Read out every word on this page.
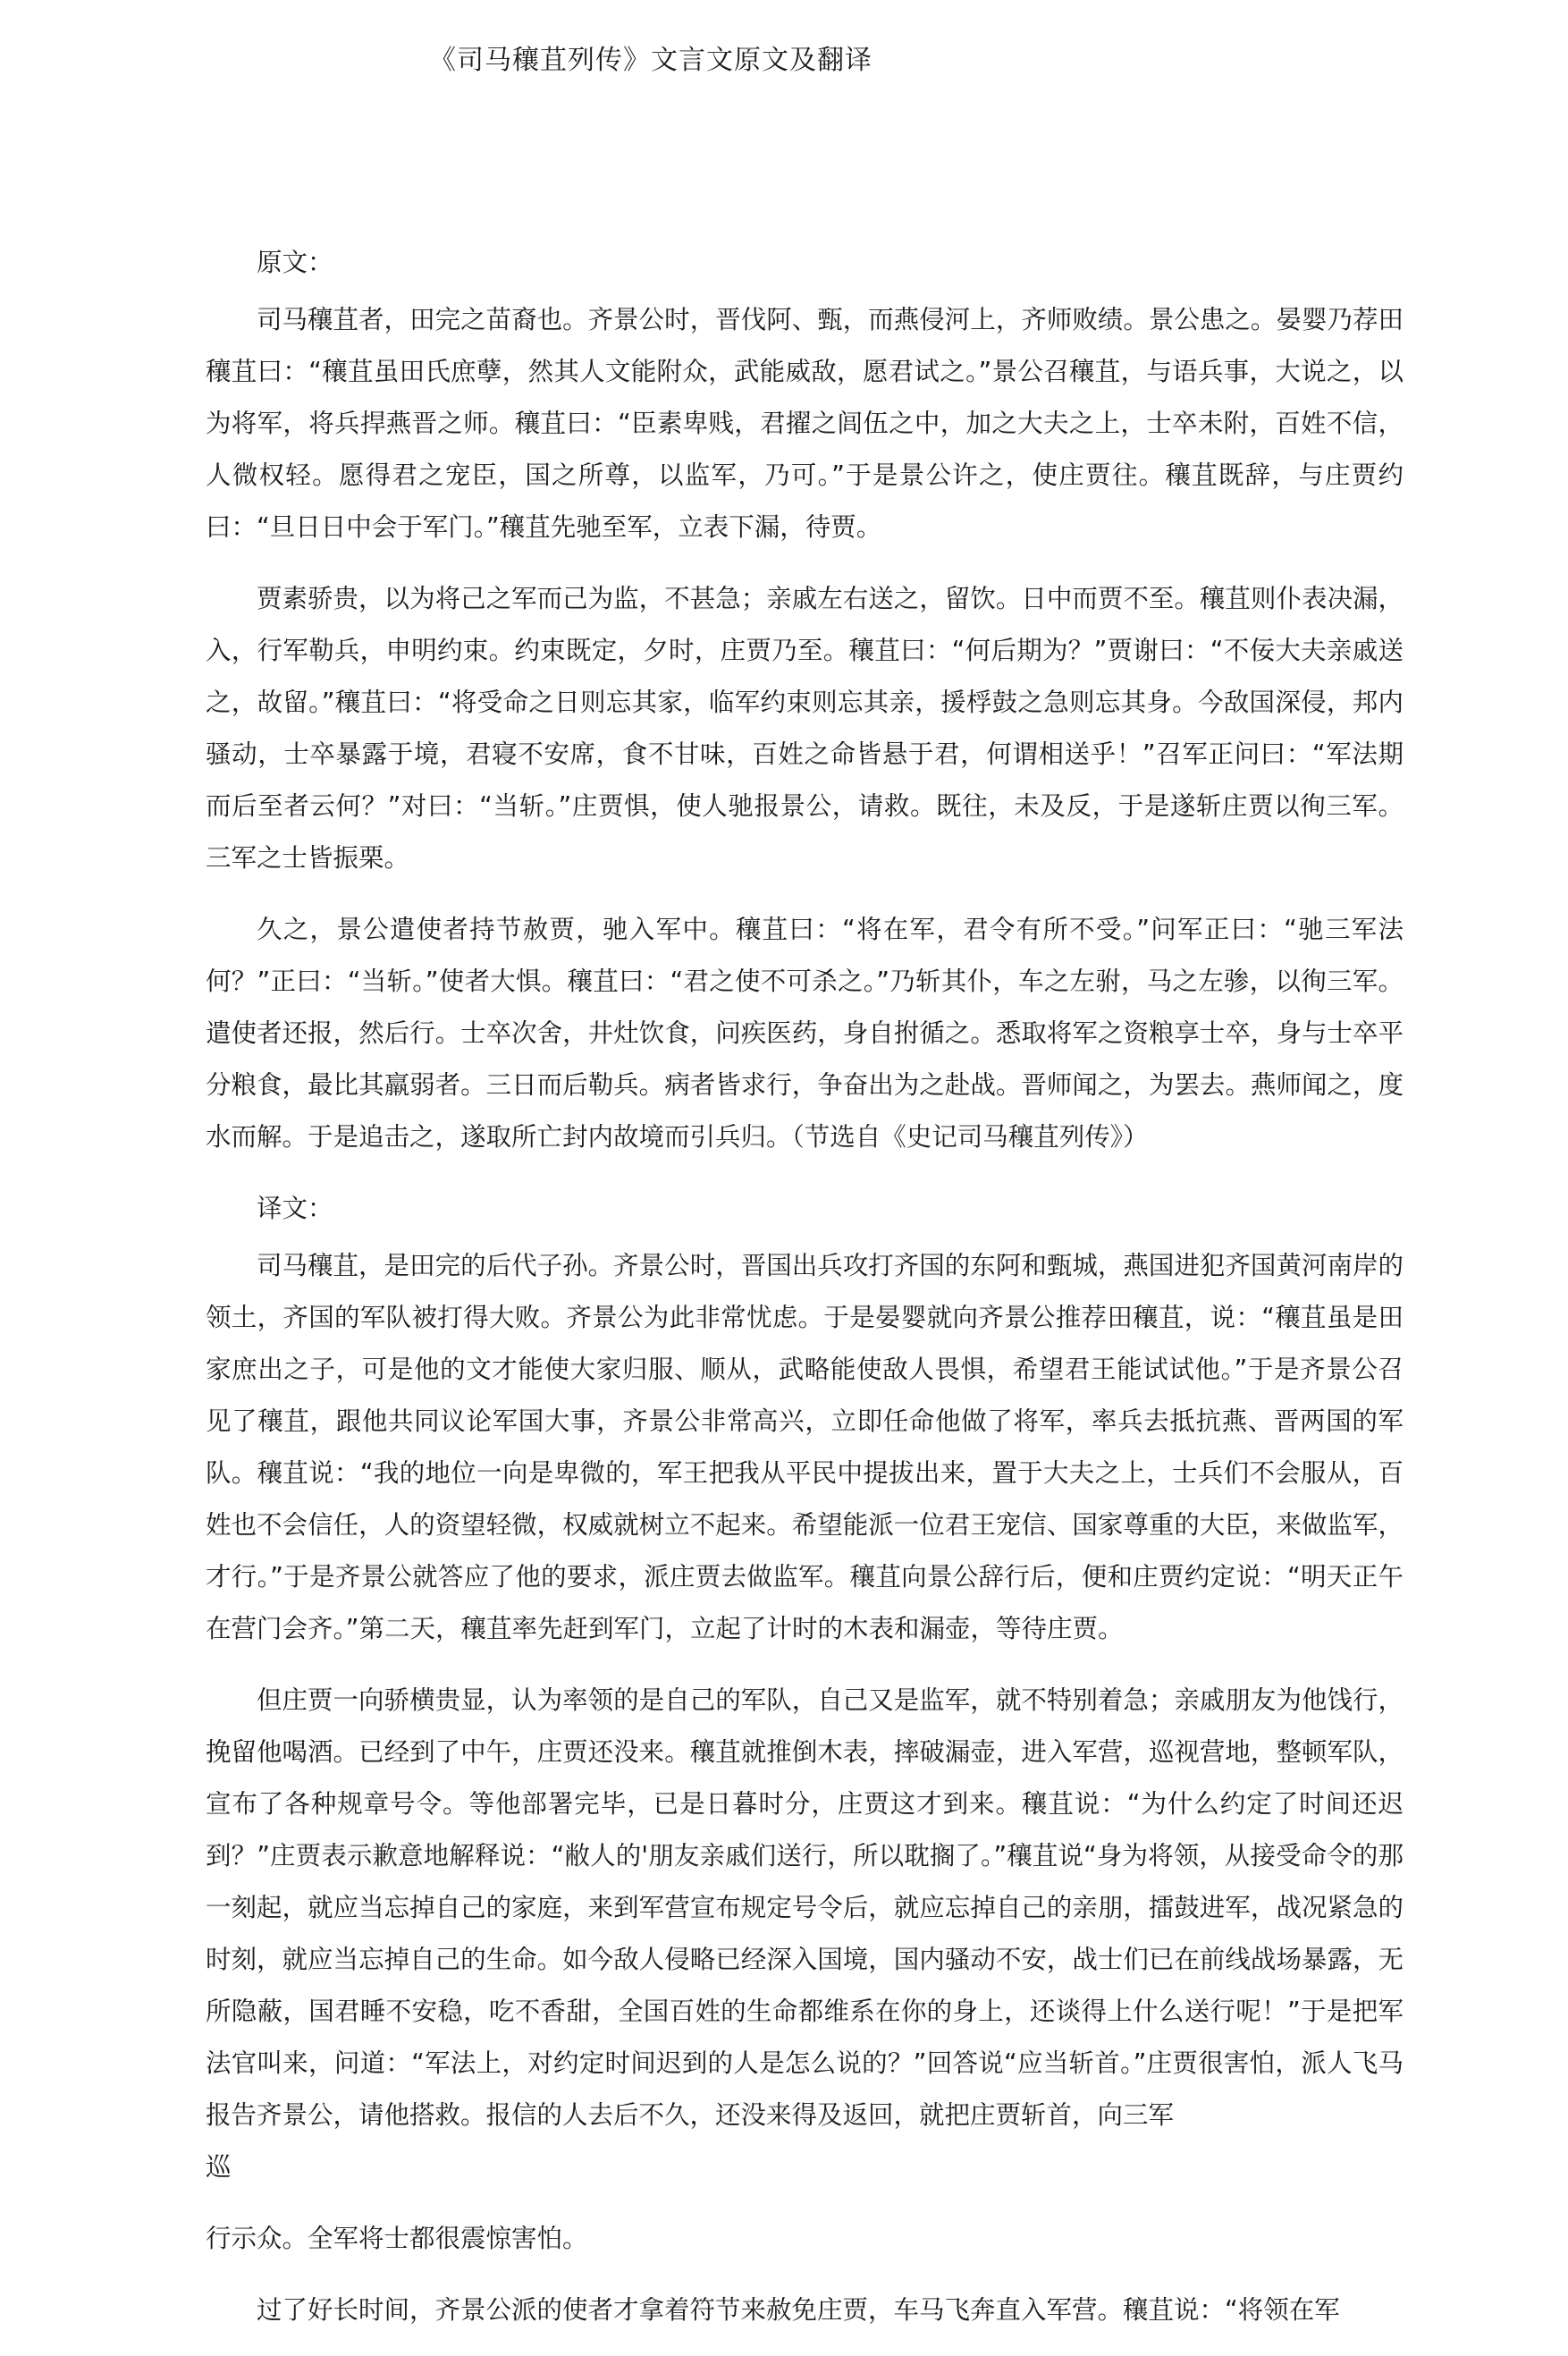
《司马穰苴列传》文言文原文及翻译

原文：

司马穰苴者，田完之苗裔也。齐景公时，晋伐阿、甄，而燕侵河上，齐师败绩。景公患之。晏婴乃荐田穰苴曰：“穰苴虽田氏庶孽，然其人文能附众，武能威敌，愿君试之。”景公召穰苴，与语兵事，大说之，以为将军，将兵捍燕晋之师。穰苴曰：“臣素卑贱，君擢之闾伍之中，加之大夫之上，士卒未附，百姓不信，人微权轻。愿得君之宠臣，国之所尊，以监军，乃可。”于是景公许之，使庄贾往。穰苴既辞，与庄贾约曰：“旦日日中会于军门。”穰苴先驰至军，立表下漏，待贾。

贾素骄贵，以为将己之军而己为监，不甚急；亲戚左右送之，留饮。日中而贾不至。穰苴则仆表决漏，入，行军勒兵，申明约束。约束既定，夕时，庄贾乃至。穰苴曰：“何后期为？”贾谢曰：“不佞大夫亲戚送之，故留。”穰苴曰：“将受命之日则忘其家，临军约束则忘其亲，援桴鼓之急则忘其身。今敌国深侵，邦内骚动，士卒暴露于境，君寝不安席，食不甘味，百姓之命皆悬于君，何谓相送乎！”召军正问曰：“军法期而后至者云何？”对曰：“当斩。”庄贾惧，使人驰报景公，请救。既往，未及反，于是遂斩庄贾以徇三军。三军之士皆振栗。

久之，景公遣使者持节赦贾，驰入军中。穰苴曰：“将在军，君令有所不受。”问军正曰：“驰三军法何？”正曰：“当斩。”使者大惧。穰苴曰：“君之使不可杀之。”乃斩其仆，车之左驸，马之左骖，以徇三军。遣使者还报，然后行。士卒次舍，井灶饮食，问疾医药，身自拊循之。悉取将军之资粮享士卒，身与士卒平分粮食，最比其羸弱者。三日而后勒兵。病者皆求行，争奋出为之赴战。晋师闻之，为罢去。燕师闻之，度水而解。于是追击之，遂取所亡封内故境而引兵归。（节选自《史记司马穰苴列传》）

译文：

司马穰苴，是田完的后代子孙。齐景公时，晋国出兵攻打齐国的东阿和甄城，燕国进犯齐国黄河南岸的领土，齐国的军队被打得大败。齐景公为此非常忧虑。于是晏婴就向齐景公推荐田穰苴，说：“穰苴虽是田家庶出之子，可是他的文才能使大家归服、顺从，武略能使敌人畏惧，希望君王能试试他。”于是齐景公召见了穰苴，跟他共同议论军国大事，齐景公非常高兴，立即任命他做了将军，率兵去抵抗燕、晋两国的军队。穰苴说：“我的地位一向是卑微的，军王把我从平民中提拔出来，置于大夫之上，士兵们不会服从，百姓也不会信任，人的资望轻微，权威就树立不起来。希望能派一位君王宠信、国家尊重的大臣，来做监军，才行。”于是齐景公就答应了他的要求，派庄贾去做监军。穰苴向景公辞行后，便和庄贾约定说：“明天正午在营门会齐。”第二天，穰苴率先赶到军门，立起了计时的木表和漏壶，等待庄贾。

但庄贾一向骄横贵显，认为率领的是自己的军队，自己又是监军，就不特别着急；亲戚朋友为他饯行，挽留他喝酒。已经到了中午，庄贾还没来。穰苴就推倒木表，摔破漏壶，进入军营，巡视营地，整顿军队，宣布了各种规章号令。等他部署完毕，已是日暮时分，庄贾这才到来。穰苴说：“为什么约定了时间还迟到？”庄贾表示歉意地解释说：“敝人的'朋友亲戚们送行，所以耽搁了。”穰苴说“身为将领，从接受命令的那一刻起，就应当忘掉自己的家庭，来到军营宣布规定号令后，就应忘掉自己的亲朋，擂鼓进军，战况紧急的时刻，就应当忘掉自己的生命。如今敌人侵略已经深入国境，国内骚动不安，战士们已在前线战场暴露，无所隐蔽，国君睡不安稳，吃不香甜，全国百姓的生命都维系在你的身上，还谈得上什么送行呢！”于是把军法官叫来，问道：“军法上，对约定时间迟到的人是怎么说的？”回答说“应当斩首。”庄贾很害怕，派人飞马报告齐景公，请他搭救。报信的人去后不久，还没来得及返回，就把庄贾斩首，向三军

巡

行示众。全军将士都很震惊害怕。

过了好长时间，齐景公派的使者才拿着符节来赦免庄贾，车马飞奔直入军营。穰苴说：“将领在军
